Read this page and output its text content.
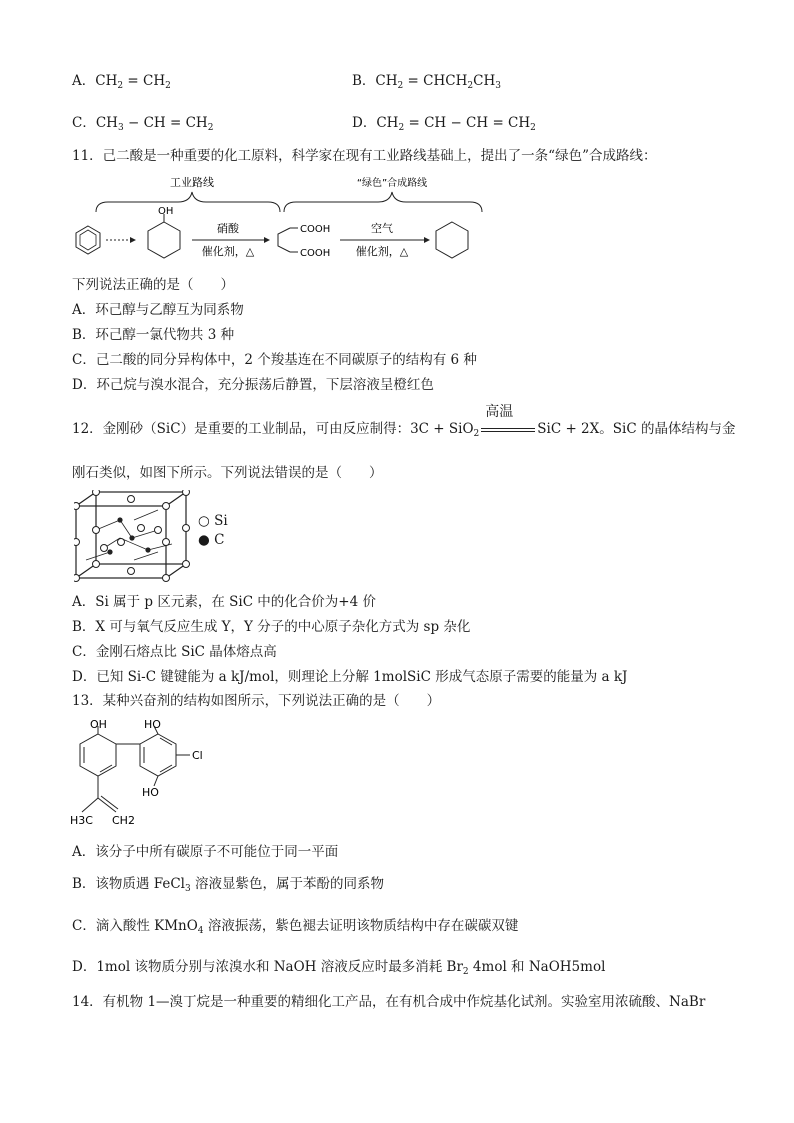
A．$CH_2 = CH_2$	B．$CH_2$ = $CHCH_2CH_3$
C．$CH_3$ − CH = $CH_2$	D．$CH_2$ = CH − CH = $CH_2$
11．己二酸是一种重要的化工原料，科学家在现有工业路线基础上，提出了一条“绿色”合成路线：
工业路线	“绿色”合成路线
OH
硝酸
催化剂，△
COOH
COOH
空气
催化剂，△
下列说法正确的是（　　）
A．环己醇与乙醇互为同系物
B．环己醇一氯代物共 3 种
C．己二酸的同分异构体中，2 个羧基连在不同碳原子的结构有 6 种
D．环己烷与溴水混合，充分振荡后静置，下层溶液呈橙红色
12．金刚砂（SiC）是重要的工业制品，可由反应制得：3C + SiO$_2$
高温
SiC + 2X。SiC 的晶体结构与金
刚石类似，如图下所示。下列说法错误的是（　　）
○ Si
● C
A．Si 属于 p 区元素，在 SiC 中的化合价为+4 价
B．X 可与氧气反应生成 Y，Y 分子的中心原子杂化方式为 sp 杂化
C．金刚石熔点比 SiC 晶体熔点高
D．已知 Si-C 键键能为 a kJ/mol，则理论上分解 1molSiC 形成气态原子需要的能量为 a kJ
13．某种兴奋剂的结构如图所示，下列说法正确的是（　　）
OH	HO
Cl
HO
H3C CH2
A．该分子中所有碳原子不可能位于同一平面
B．该物质遇 FeCl$_3$ 溶液显紫色，属于苯酚的同系物
C．滴入酸性 KMnO$_4$ 溶液振荡，紫色褪去证明该物质结构中存在碳碳双键
D．1mol 该物质分别与浓溴水和 NaOH 溶液反应时最多消耗 $Br_2$ 4mol 和 NaOH5mol
14．有机物 1—溴丁烷是一种重要的精细化工产品，在有机合成中作烷基化试剂。实验室用浓硫酸、NaBr
